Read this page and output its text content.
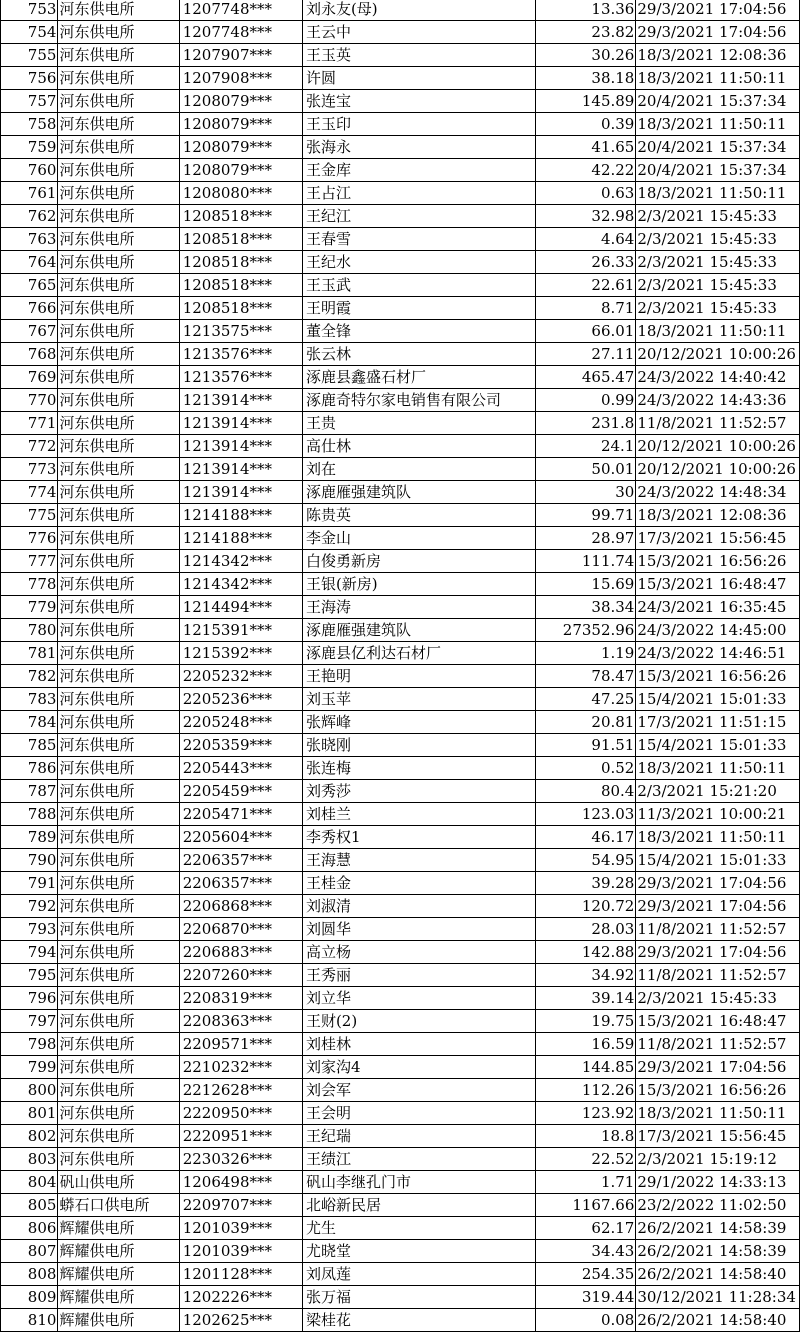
753	河东供电所	1207748***	刘永友(母)	13.36	29/3/2021 17:04:56
754	河东供电所	1207748***	王云中	23.82	29/3/2021 17:04:56
755	河东供电所	1207907***	王玉英	30.26	18/3/2021 12:08:36
756	河东供电所	1207908***	许圆	38.18	18/3/2021 11:50:11
757	河东供电所	1208079***	张连宝	145.89	20/4/2021 15:37:34
758	河东供电所	1208079***	王玉印	0.39	18/3/2021 11:50:11
759	河东供电所	1208079***	张海永	41.65	20/4/2021 15:37:34
760	河东供电所	1208079***	王金库	42.22	20/4/2021 15:37:34
761	河东供电所	1208080***	王占江	0.63	18/3/2021 11:50:11
762	河东供电所	1208518***	王纪江	32.98	2/3/2021 15:45:33
763	河东供电所	1208518***	王春雪	4.64	2/3/2021 15:45:33
764	河东供电所	1208518***	王纪水	26.33	2/3/2021 15:45:33
765	河东供电所	1208518***	王玉武	22.61	2/3/2021 15:45:33
766	河东供电所	1208518***	王明霞	8.71	2/3/2021 15:45:33
767	河东供电所	1213575***	董全锋	66.01	18/3/2021 11:50:11
768	河东供电所	1213576***	张云林	27.11	20/12/2021 10:00:26
769	河东供电所	1213576***	涿鹿县鑫盛石材厂	465.47	24/3/2022 14:40:42
770	河东供电所	1213914***	涿鹿奇特尔家电销售有限公司	0.99	24/3/2022 14:43:36
771	河东供电所	1213914***	王贵	231.8	11/8/2021 11:52:57
772	河东供电所	1213914***	高仕林	24.1	20/12/2021 10:00:26
773	河东供电所	1213914***	刘在	50.01	20/12/2021 10:00:26
774	河东供电所	1213914***	涿鹿雁强建筑队	30	24/3/2022 14:48:34
775	河东供电所	1214188***	陈贵英	99.71	18/3/2021 12:08:36
776	河东供电所	1214188***	李金山	28.97	17/3/2021 15:56:45
777	河东供电所	1214342***	白俊勇新房	111.74	15/3/2021 16:56:26
778	河东供电所	1214342***	王银(新房)	15.69	15/3/2021 16:48:47
779	河东供电所	1214494***	王海涛	38.34	24/3/2021 16:35:45
780	河东供电所	1215391***	涿鹿雁强建筑队	27352.96	24/3/2022 14:45:00
781	河东供电所	1215392***	涿鹿县亿利达石材厂	1.19	24/3/2022 14:46:51
782	河东供电所	2205232***	王艳明	78.47	15/3/2021 16:56:26
783	河东供电所	2205236***	刘玉苹	47.25	15/4/2021 15:01:33
784	河东供电所	2205248***	张辉峰	20.81	17/3/2021 11:51:15
785	河东供电所	2205359***	张晓刚	91.51	15/4/2021 15:01:33
786	河东供电所	2205443***	张连梅	0.52	18/3/2021 11:50:11
787	河东供电所	2205459***	刘秀莎	80.4	2/3/2021 15:21:20
788	河东供电所	2205471***	刘桂兰	123.03	11/3/2021 10:00:21
789	河东供电所	2205604***	李秀权1	46.17	18/3/2021 11:50:11
790	河东供电所	2206357***	王海慧	54.95	15/4/2021 15:01:33
791	河东供电所	2206357***	王桂金	39.28	29/3/2021 17:04:56
792	河东供电所	2206868***	刘淑清	120.72	29/3/2021 17:04:56
793	河东供电所	2206870***	刘圆华	28.03	11/8/2021 11:52:57
794	河东供电所	2206883***	高立杨	142.88	29/3/2021 17:04:56
795	河东供电所	2207260***	王秀丽	34.92	11/8/2021 11:52:57
796	河东供电所	2208319***	刘立华	39.14	2/3/2021 15:45:33
797	河东供电所	2208363***	王财(2)	19.75	15/3/2021 16:48:47
798	河东供电所	2209571***	刘桂林	16.59	11/8/2021 11:52:57
799	河东供电所	2210232***	刘家沟4	144.85	29/3/2021 17:04:56
800	河东供电所	2212628***	刘会军	112.26	15/3/2021 16:56:26
801	河东供电所	2220950***	王会明	123.92	18/3/2021 11:50:11
802	河东供电所	2220951***	王纪瑞	18.8	17/3/2021 15:56:45
803	河东供电所	2230326***	王绩江	22.52	2/3/2021 15:19:12
804	矾山供电所	1206498***	矾山李继孔门市	1.71	29/1/2022 14:33:13
805	蟒石口供电所	2209707***	北峪新民居	1167.66	23/2/2022 11:02:50
806	辉耀供电所	1201039***	尤生	62.17	26/2/2021 14:58:39
807	辉耀供电所	1201039***	尤晓堂	34.43	26/2/2021 14:58:39
808	辉耀供电所	1201128***	刘凤莲	254.35	26/2/2021 14:58:40
809	辉耀供电所	1202226***	张万福	319.44	30/12/2021 11:28:34
810	辉耀供电所	1202625***	梁桂花	0.08	26/2/2021 14:58:40
